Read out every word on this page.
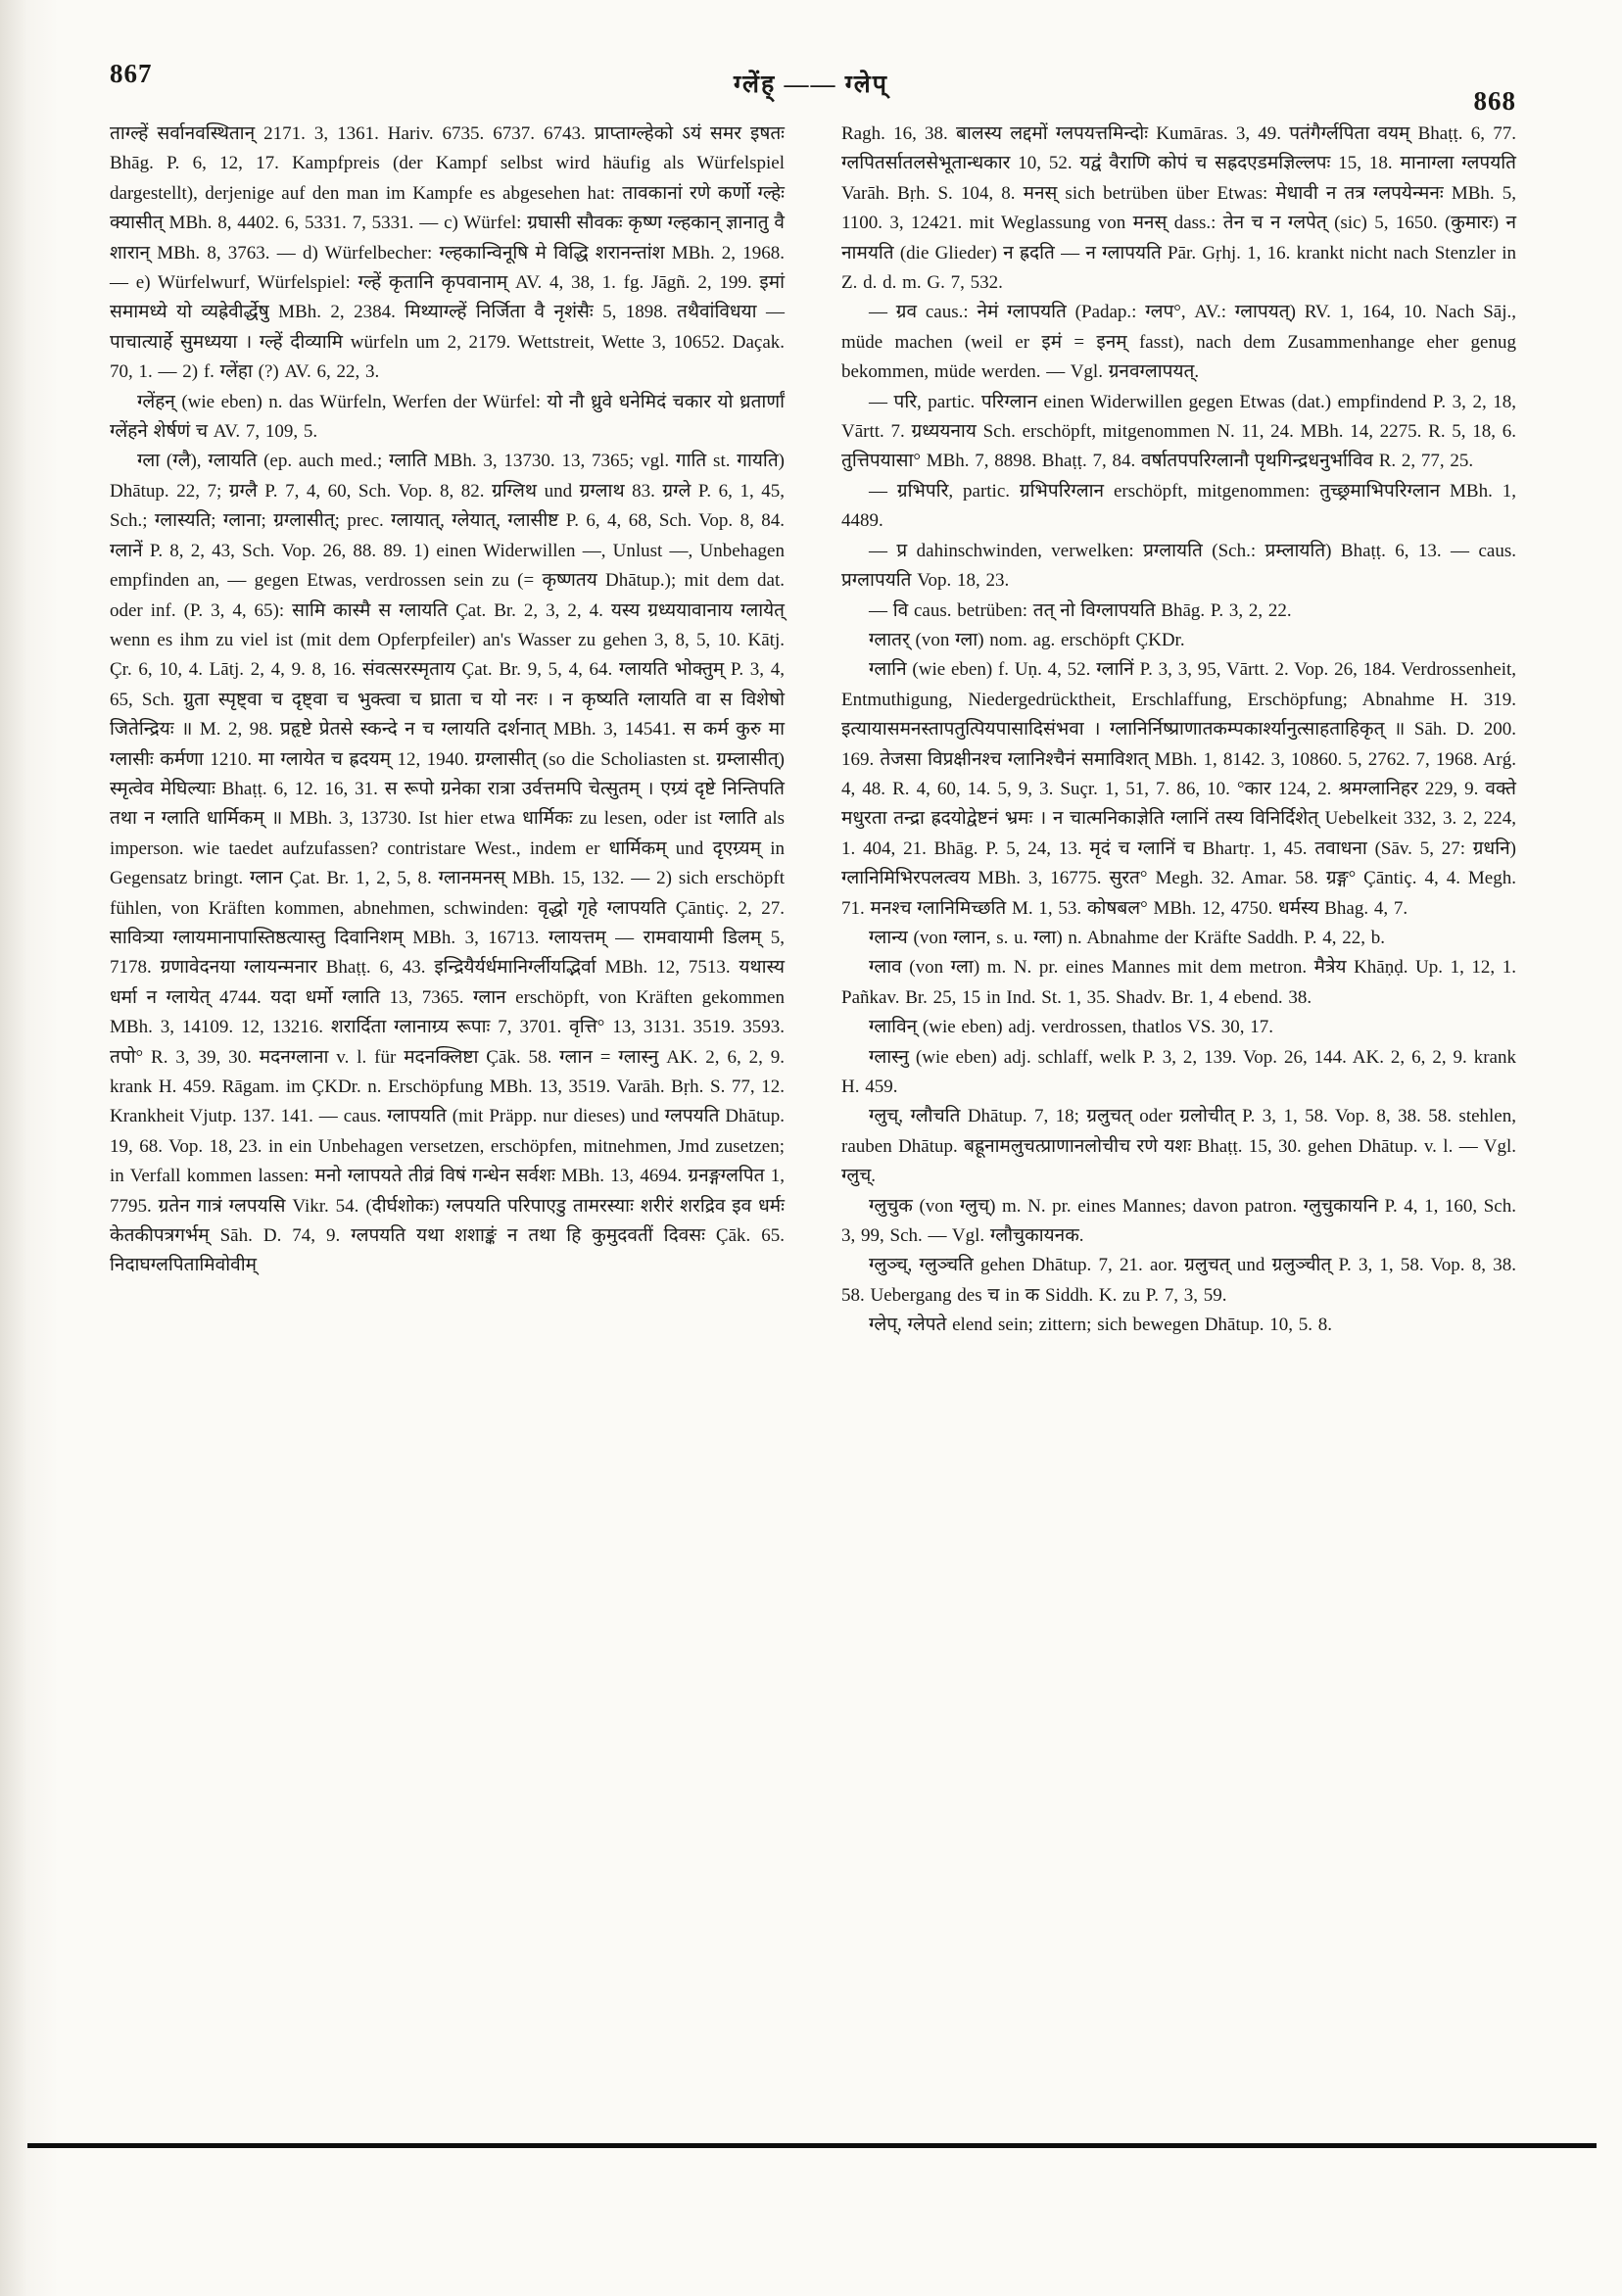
867	ग्लेंह् —— ग्लेप्
868

ताग्ल्हें सर्वानवस्थितान् 2171. 3, 1361. Hariv. 6735. 6737. 6743. प्राप्ताग्ल्हेको ऽयं समर इषतः Bhāg. P. 6, 12, 17. Kampfpreis (der Kampf selbst wird häufig als Würfelspiel dargestellt), derjenige auf den man im Kampfe es abgesehen hat: तावकानां रणे कर्णो ग्ल्हेः क्यासीत् MBh. 8, 4402. 6, 5331. 7, 5331. — c) Würfel: ग्रघासी सौवकः कृष्ण ग्ल्हकान् ज्ञानातु वै शारान् MBh. 8, 3763. — d) Würfelbecher: ग्ल्हकान्विनूषि मे विद्धि शरानन्तांश MBh. 2, 1968. — e) Würfelwurf, Würfelspiel: ग्ल्हें कृतानि कृपवानाम् AV. 4, 38, 1. fg. Jāgñ. 2, 199. इमां समामध्ये यो व्यह्रेवीर्द्धेषु MBh. 2, 2384. मिथ्याग्ल्हें निर्जिता वै नृशंसैः 5, 1898. तथैवांविधया — पाचात्यार्हे सुमध्यया । ग्ल्हें दीव्यामि würfeln um 2, 2179. Wettstreit, Wette 3, 10652. Daçak. 70, 1. — 2) f. ग्लेंहा (?) AV. 6, 22, 3.

ग्लेंहन् (wie eben) n. das Würfeln, Werfen der Würfel: यो नौ ध्रुवे धनेमिदं चकार यो ध्रतार्णां ग्लेंहने शेर्षणं च AV. 7, 109, 5.

ग्ला (ग्लै), ग्लायति (ep. auch med.; ग्लाति MBh. 3, 13730. 13, 7365; vgl. गाति st. गायति) Dhātup. 22, 7; ग्रग्लै P. 7, 4, 60, Sch. Vop. 8, 82. ग्रग्लिथ und ग्रग्लाथ 83. ग्रग्ले P. 6, 1, 45, Sch.; ग्लास्यति; ग्लाना; ग्रग्लासीत्; prec. ग्लायात्, ग्लेयात्, ग्लासीष्ट P. 6, 4, 68, Sch. Vop. 8, 84. ग्लानें P. 8, 2, 43, Sch. Vop. 26, 88. 89. 1) einen Widerwillen —, Unlust —, Unbehagen empfinden an, — gegen Etwas, verdrossen sein zu (= कृष्णतय Dhātup.); mit dem dat. oder inf. (P. 3, 4, 65): सामि कास्मै स ग्लायति Çat. Br. 2, 3, 2, 4. यस्य ग्रध्ययावानाय ग्लायेत् wenn es ihm zu viel ist (mit dem Opferpfeiler) an's Wasser zu gehen 3, 8, 5, 10. Kātj. Çr. 6, 10, 4. Lātj. 2, 4, 9. 8, 16. संवत्सरस्मृताय Çat. Br. 9, 5, 4, 64. ग्लायति भोक्तुम् P. 3, 4, 65, Sch. ग्रुता स्पृष्ट्वा च दृष्ट्वा च भुक्त्वा च घ्राता च यो नरः । न कृष्यति ग्लायति वा स विशेषो जितेन्द्रियः ॥ M. 2, 98. प्रहृष्टे प्रेतसे स्कन्दे न च ग्लायति दर्शनात् MBh. 3, 14541. स कर्म कुरु मा ग्लासीः कर्मणा 1210. मा ग्लायेत च ह्रदयम् 12, 1940. ग्रग्लासीत् (so die Scholiasten st. ग्रम्लासीत्) स्मृत्वेव मेघिल्याः Bhaṭṭ. 6, 12. 16, 31. स रूपो ग्रनेका रात्रा उर्वत्तमपि चेत्सुतम् । एग्र्यं दृष्टे निन्तिपति तथा न ग्लाति धार्मिकम् ॥ MBh. 3, 13730. Ist hier etwa धार्मिकः zu lesen, oder ist ग्लाति als imperson. wie taedet aufzufassen? contristare West., indem er धार्मिकम् und दृएग्र्यम् in Gegensatz bringt. ग्लान Çat. Br. 1, 2, 5, 8. ग्लानमनस् MBh. 15, 132. — 2) sich erschöpft fühlen, von Kräften kommen, abnehmen, schwinden: वृद्धो गृहे ग्लापयति Çāntiç. 2, 27. सावित्र्या ग्लायमानापास्तिष्ठत्यास्तु दिवानिशम् MBh. 3, 16713. ग्लायत्तम् — रामवायामी डिलम् 5, 7178. ग्रणावेदनया ग्लायन्मनार Bhaṭṭ. 6, 43. इन्द्रियैर्यर्धमानिर्ग्लीयद्भिर्वा MBh. 12, 7513. यथास्य धर्मा न ग्लायेत् 4744. यदा धर्मो ग्लाति 13, 7365. ग्लान erschöpft, von Kräften gekommen MBh. 3, 14109. 12, 13216. शरार्दिता ग्लानाग्र्य रूपाः 7, 3701. वृत्ति° 13, 3131. 3519. 3593. तपो° R. 3, 39, 30. मदनग्लाना v. l. für मदनक्लिष्टा Çāk. 58. ग्लान = ग्लास्नु AK. 2, 6, 2, 9. krank H. 459. Rāgam. im ÇKDr. n. Erschöpfung MBh. 13, 3519. Varāh. Bṛh. S. 77, 12. Krankheit Vjutp. 137. 141. — caus. ग्लापयति (mit Präpp. nur dieses) und ग्लपयति Dhātup. 19, 68. Vop. 18, 23. in ein Unbehagen versetzen, erschöpfen, mitnehmen, Jmd zusetzen; in Verfall kommen lassen: मनो ग्लापयते तीव्रं विषं गन्धेन सर्वशः MBh. 13, 4694. ग्रनङ्गग्लपित 1, 7795. ग्रतेन गात्रं ग्लपयसि Vikr. 54. (दीर्घशोकः) ग्लपयति परिपाएडु तामरस्याः शरीरं शरद्रिव इव धर्मः केतकीपत्रगर्भम् Sāh. D. 74, 9. ग्लपयति यथा शशाङ्कं न तथा हि कुमुदवतीं दिवसः Çāk. 65. निदाघग्लपितामिवोवीम्

Ragh. 16, 38. बालस्य लद्दमों ग्लपयत्तमिन्दोः Kumāras. 3, 49. पतंगैर्ग्लपिता वयम् Bhaṭṭ. 6, 77. ग्लपितर्सातलसेभूतान्धकार 10, 52. यद्वं वैराणि कोपं च सह्रदएडमज्ञिल्लपः 15, 18. मानाग्ला ग्लपयति Varāh. Bṛh. S. 104, 8. मनस् sich betrüben über Etwas: मेधावी न तत्र ग्लपयेन्मनः MBh. 5, 1100. 3, 12421. mit Weglassung von मनस् dass.: तेन च न ग्लपेत् (sic) 5, 1650. (कुमारः) न नामयति (die Glieder) न ह्रदति — न ग्लापयति Pār. Gṛhj. 1, 16. krankt nicht nach Stenzler in Z. d. d. m. G. 7, 532.

— ग्रव caus.: नेमं ग्लापयति (Padap.: ग्लप°, AV.: ग्लापयत्) RV. 1, 164, 10. Nach Sāj., müde machen (weil er इमं = इनम् fasst), nach dem Zusammenhange eher genug bekommen, müde werden. — Vgl. ग्रनवग्लापयत्.

— परि, partic. परिग्लान einen Widerwillen gegen Etwas (dat.) empfindend P. 3, 2, 18, Vārtt. 7. ग्रध्ययनाय Sch. erschöpft, mitgenommen N. 11, 24. MBh. 14, 2275. R. 5, 18, 6. तुत्तिपयासा° MBh. 7, 8898. Bhaṭṭ. 7, 84. वर्षातपपरिग्लानौ पृथगिन्द्रधनुर्भाविव R. 2, 77, 25.

— ग्रभिपरि, partic. ग्रभिपरिग्लान erschöpft, mitgenommen: तुच्छ्रमाभिपरिग्लान MBh. 1, 4489.

— प्र dahinschwinden, verwelken: प्रग्लायति (Sch.: प्रम्लायति) Bhaṭṭ. 6, 13. — caus. प्रग्लापयति Vop. 18, 23.

— वि caus. betrüben: तत् नो विग्लापयति Bhāg. P. 3, 2, 22.

ग्लातर् (von ग्ला) nom. ag. erschöpft ÇKDr.

ग्लानि (wie eben) f. Uṇ. 4, 52. ग्लानिं P. 3, 3, 95, Vārtt. 2. Vop. 26, 184. Verdrossenheit, Entmuthigung, Niedergedrücktheit, Erschlaffung, Erschöpfung; Abnahme H. 319. इत्यायासमनस्तापतुत्पियपासादिसंभवा । ग्लानिर्निष्प्राणातकम्पकार्श्यानुत्साहताहिकृत् ॥ Sāh. D. 200. 169. तेजसा विप्रक्षीनश्च ग्लानिश्चैनं समाविशत् MBh. 1, 8142. 3, 10860. 5, 2762. 7, 1968. Arǵ. 4, 48. R. 4, 60, 14. 5, 9, 3. Suçr. 1, 51, 7. 86, 10. °कार 124, 2. श्रमग्लानिहर 229, 9. वक्ते मधुरता तन्द्रा ह्रदयोद्वेष्टनं भ्रमः । न चात्मनिकाज्ञेति ग्लानिं तस्य विनिर्दिशेत् Uebelkeit 332, 3. 2, 224, 1. 404, 21. Bhāg. P. 5, 24, 13. मृदं च ग्लानिं च Bhartṛ. 1, 45. तवाधना (Sāv. 5, 27: ग्रधनि) ग्लानिमिभिरपलत्वय MBh. 3, 16775. सुरत° Megh. 32. Amar. 58. ग्रङ्ग° Çāntiç. 4, 4. Megh. 71. मनश्च ग्लानिमिच्छति M. 1, 53. कोषबल° MBh. 12, 4750. धर्मस्य Bhag. 4, 7.

ग्लान्य (von ग्लान, s. u. ग्ला) n. Abnahme der Kräfte Saddh. P. 4, 22, b.

ग्लाव (von ग्ला) m. N. pr. eines Mannes mit dem metron. मैत्रेय Khāṇḍ. Up. 1, 12, 1. Pañkav. Br. 25, 15 in Ind. St. 1, 35. Shadv. Br. 1, 4 ebend. 38.

ग्लाविन् (wie eben) adj. verdrossen, thatlos VS. 30, 17.

ग्लास्नु (wie eben) adj. schlaff, welk P. 3, 2, 139. Vop. 26, 144. AK. 2, 6, 2, 9. krank H. 459.

ग्लुच्, ग्लौचति Dhātup. 7, 18; ग्रलुचत् oder ग्रलोचीत् P. 3, 1, 58. Vop. 8, 38. 58. stehlen, rauben Dhātup. बह्रूनामलुचत्प्राणानलोचीच रणे यशः Bhaṭṭ. 15, 30. gehen Dhātup. v. l. — Vgl. ग्लुच्.

ग्लुचुक (von ग्लुच्) m. N. pr. eines Mannes; davon patron. ग्लुचुकायनि P. 4, 1, 160, Sch. 3, 99, Sch. — Vgl. ग्लौचुकायनक.

ग्लुञ्च्, ग्लुञ्चति gehen Dhātup. 7, 21. aor. ग्रलुचत् und ग्रलुञ्चीत् P. 3, 1, 58. Vop. 8, 38. 58. Uebergang des च in क Siddh. K. zu P. 7, 3, 59.

ग्लेप्, ग्लेपते elend sein; zittern; sich bewegen Dhātup. 10, 5. 8.
